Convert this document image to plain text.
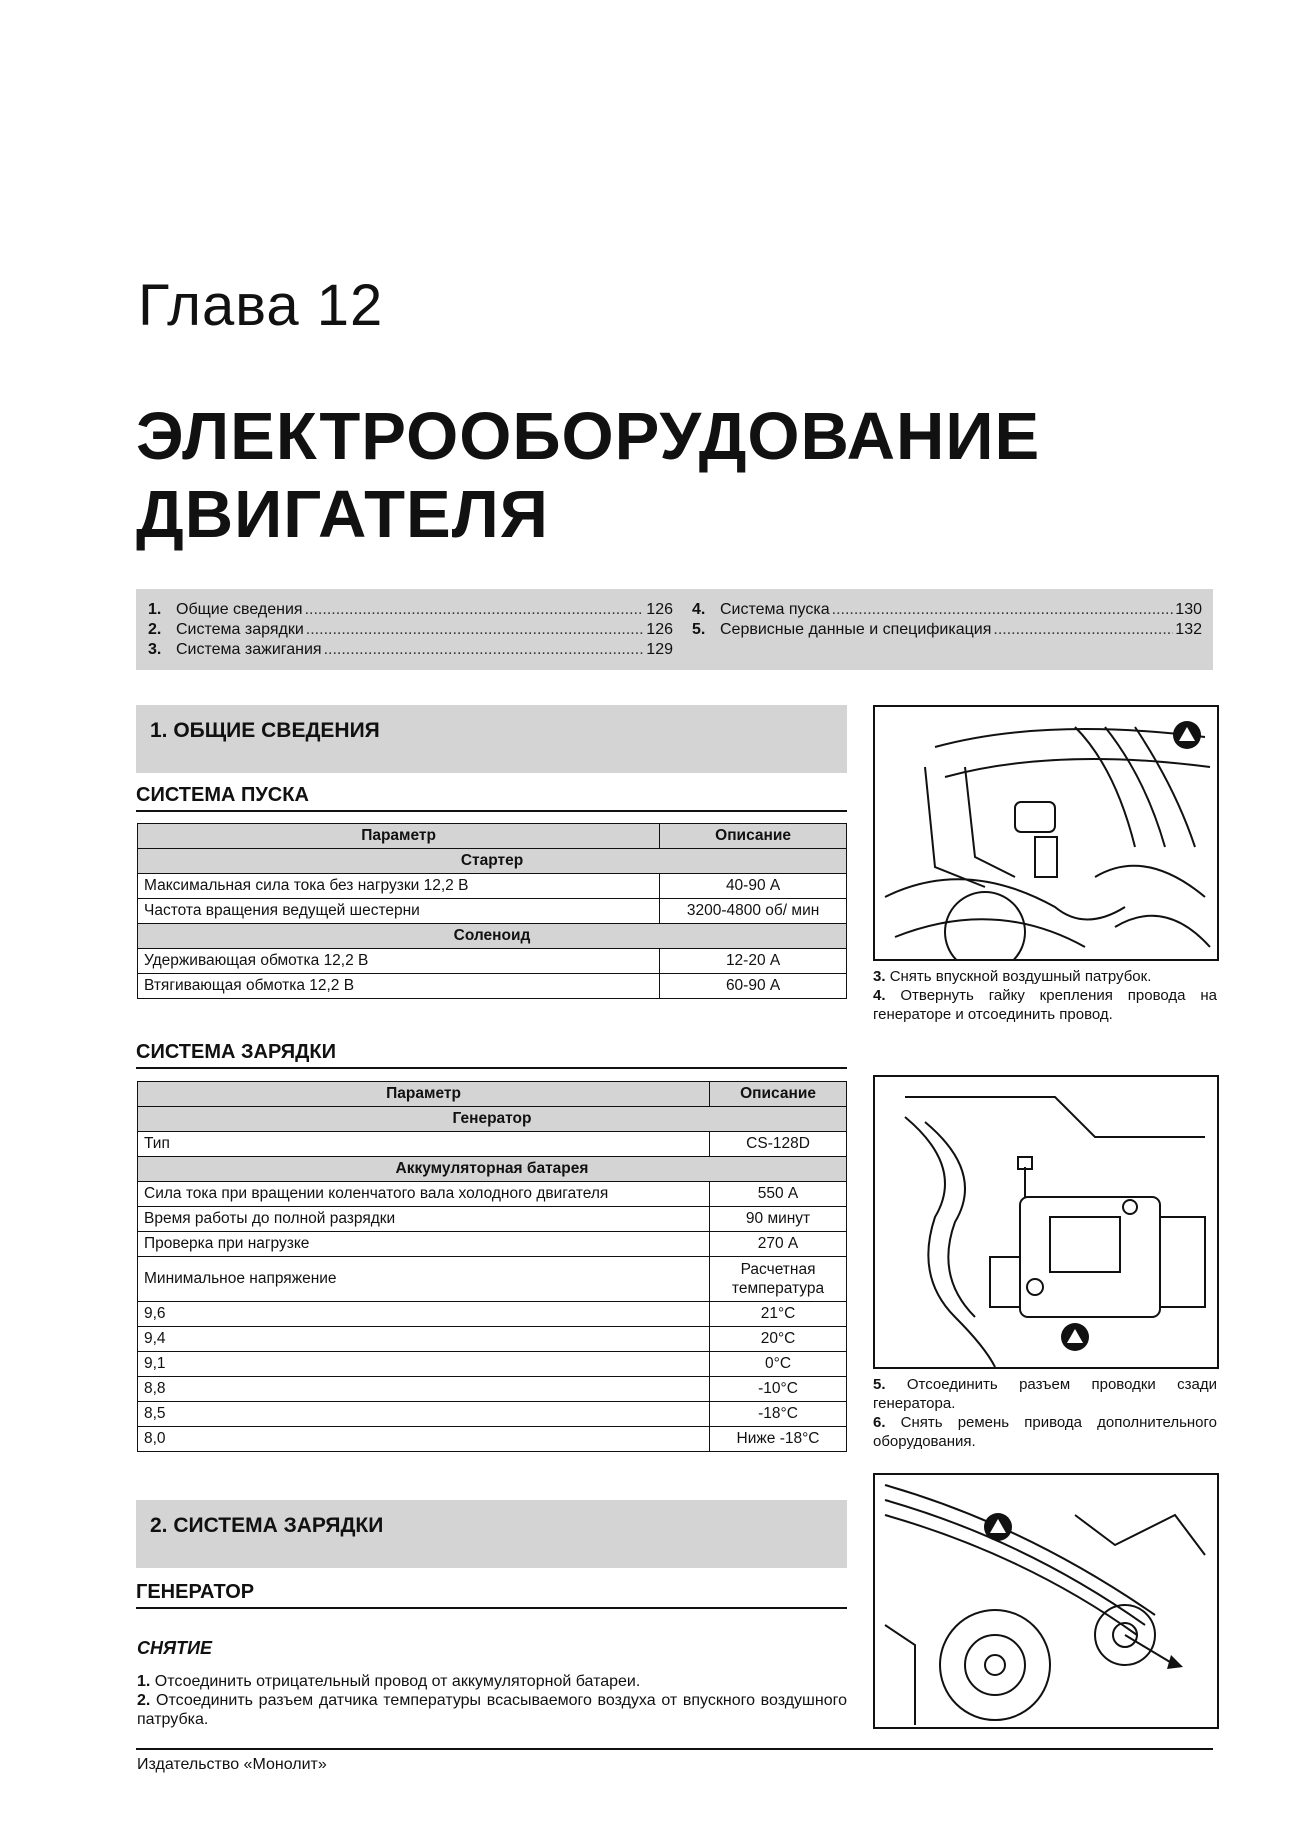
Глава 12
ЭЛЕКТРООБОРУДОВАНИЕ
ДВИГАТЕЛЯ
1. Общие сведения .....	126
2. Система зарядки .....	126
3. Система зажигания .....	129
4. Система пуска .....	130
5. Сервисные данные и спецификация .....	132
1. ОБЩИЕ СВЕДЕНИЯ
СИСТЕМА ПУСКА
Параметр	Описание
Стартер	
Максимальная сила тока без нагрузки 12,2 В	40-90 А
Частота вращения ведущей шестерни	3200-4800 об/ мин
Соленоид	
Удерживающая обмотка 12,2 В	12-20 А
Втягивающая обмотка 12,2 В	60-90 А
СИСТЕМА ЗАРЯДКИ
Параметр	Описание
Генератор	
Тип	CS-128D
Аккумуляторная батарея	
Сила тока при вращении коленчатого вала холодного двигателя	550 А
Время работы до полной разрядки	90 минут
Проверка при нагрузке	270 А
Минимальное напряжение	Расчетная температура
9,6	21°С
9,4	20°С
9,1	0°С
8,8	-10°С
8,5	-18°С
8,0	Ниже -18°С
2. СИСТЕМА ЗАРЯДКИ
ГЕНЕРАТОР
СНЯТИЕ
1. Отсоединить отрицательный провод от аккумуляторной батареи.
2. Отсоединить разъем датчика температуры всасываемого воздуха от впускного воздушного патрубка.
3. Снять впускной воздушный патрубок.
4. Отвернуть гайку крепления провода на генераторе и отсоединить провод.
5. Отсоединить разъем проводки сзади генератора.
6. Снять ремень привода дополнительного оборудования.
Издательство «Монолит»
